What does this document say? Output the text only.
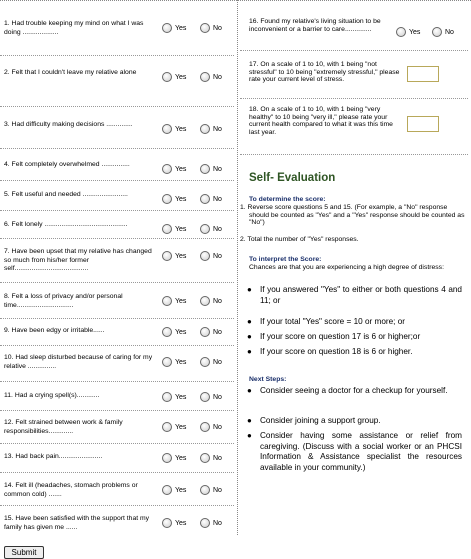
1. Had trouble keeping my mind on what I was doing ...................
Yes	No
2. Felt that I couldn't leave my relative alone
Yes	No
3. Had difficulty making decisions ..............
Yes	No
4. Felt completely overwhelmed ...............
Yes	No
5. Felt useful and needed ........................
Yes	No
6. Felt lonely ............................................
Yes	No
7. Have been upset that my relative has changed so much from his/her former self.......................................
Yes	No
8. Felt a loss of privacy and/or personal time..............................
Yes	No
9. Have been edgy or irritable......	Yes	No
10. Had sleep disturbed because of caring for my relative ...............
Yes	No
11. Had a crying spell(s)............	Yes	No
12. Felt strained between work & family responsibilities.............
Yes	No
13. Had back pain.......................	Yes	No
14. Felt ill (headaches, stomach problems or common cold) .......
Yes	No
15. Have been satisfied with the support that my family has given me ......
Yes	No
16. Found my relative's living situation to be inconvenient or a barrier to care..............	Yes	No
17. On a scale of 1 to 10, with 1 being "not stressful" to 10 being "extremely stressful," please rate your current level of stress.
18. On a scale of 1 to 10, with 1 being "very healthy" to 10 being "very ill," please rate your current health compared to what it was this time last year.
Self- Evaluation
To determine the score:
1. Reverse score questions 5 and 15. (For example, a "No" response should be counted as "Yes" and a "Yes" response should be counted as "No")
2. Total the number of "Yes" responses.
To interpret the Score:
Chances are that you are experiencing a high degree of distress:
● If you answered "Yes" to either or both questions 4 and 11; or
● If your total "Yes" score = 10 or more; or
● If your score on question 17 is 6 or higher;or
● If your score on question 18 is 6 or higher.
Next Steps:
● Consider seeing a doctor for a checkup for yourself.
● Consider joining a support group.
● Consider having some assistance or relief from caregiving. (Discuss with a social worker or an PHCSI Information & Assistance specialist the resources available in your community.)
Submit
